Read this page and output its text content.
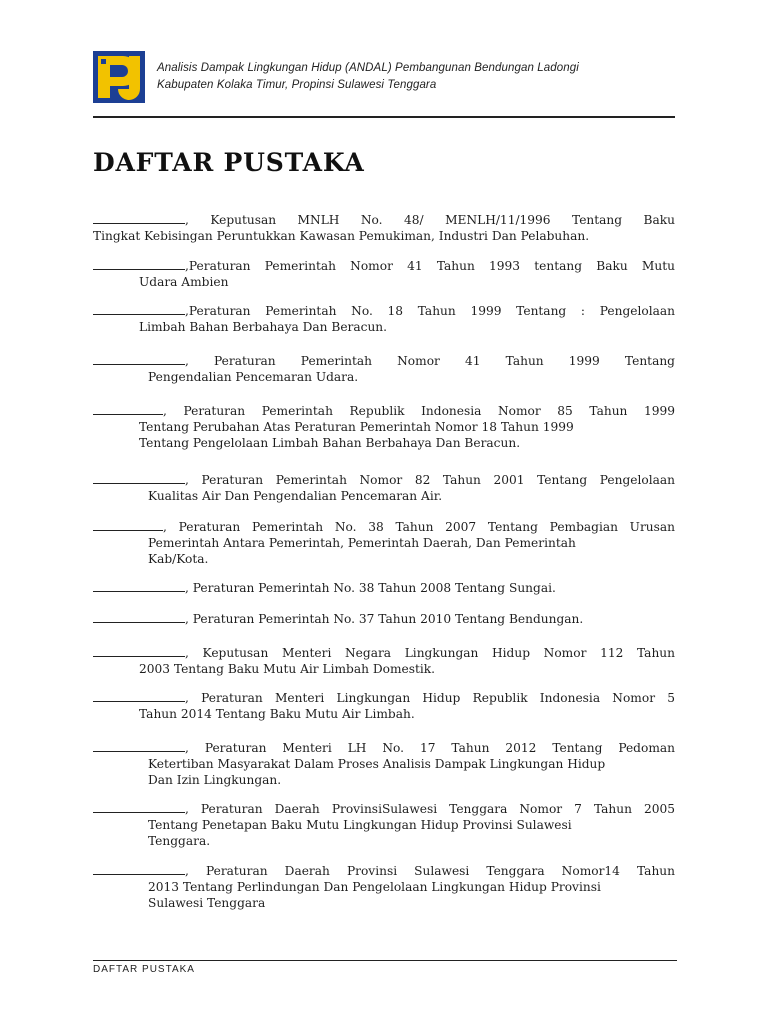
Analisis Dampak Lingkungan Hidup (ANDAL) Pembangunan Bendungan Ladongi
Kabupaten Kolaka Timur, Propinsi Sulawesi Tenggara
DAFTAR PUSTAKA
, Keputusan MNLH No. 48/ MENLH/11/1996 Tentang Baku
Tingkat Kebisingan Peruntukkan Kawasan Pemukiman, Industri Dan Pelabuhan.
,Peraturan Pemerintah Nomor 41 Tahun 1993 tentang Baku Mutu
Udara Ambien
,Peraturan Pemerintah No. 18 Tahun 1999 Tentang : Pengelolaan
Limbah Bahan Berbahaya Dan Beracun.
, Peraturan Pemerintah Nomor 41 Tahun 1999 Tentang
Pengendalian Pencemaran Udara.
, Peraturan Pemerintah Republik Indonesia Nomor 85 Tahun 1999
Tentang Perubahan Atas Peraturan Pemerintah Nomor 18 Tahun 1999
Tentang Pengelolaan Limbah Bahan Berbahaya Dan Beracun.
, Peraturan Pemerintah Nomor 82 Tahun 2001 Tentang Pengelolaan
Kualitas Air Dan Pengendalian Pencemaran Air.
, Peraturan Pemerintah No. 38 Tahun 2007 Tentang Pembagian Urusan
Pemerintah Antara Pemerintah, Pemerintah Daerah, Dan Pemerintah
Kab/Kota.
, Peraturan Pemerintah No. 38 Tahun 2008 Tentang Sungai.
, Peraturan Pemerintah No. 37 Tahun 2010 Tentang Bendungan.
, Keputusan Menteri Negara Lingkungan Hidup Nomor 112 Tahun
2003 Tentang Baku Mutu Air Limbah Domestik.
, Peraturan Menteri Lingkungan Hidup Republik Indonesia Nomor 5
Tahun 2014 Tentang Baku Mutu Air Limbah.
, Peraturan Menteri LH No. 17 Tahun 2012 Tentang Pedoman
Ketertiban Masyarakat Dalam Proses Analisis Dampak Lingkungan Hidup
Dan Izin Lingkungan.
, Peraturan Daerah ProvinsiSulawesi Tenggara Nomor 7 Tahun 2005
Tentang Penetapan Baku Mutu Lingkungan Hidup Provinsi Sulawesi
Tenggara.
, Peraturan Daerah Provinsi Sulawesi Tenggara Nomor14 Tahun
2013 Tentang Perlindungan Dan Pengelolaan Lingkungan Hidup Provinsi
Sulawesi Tenggara
DAFTAR PUSTAKA
